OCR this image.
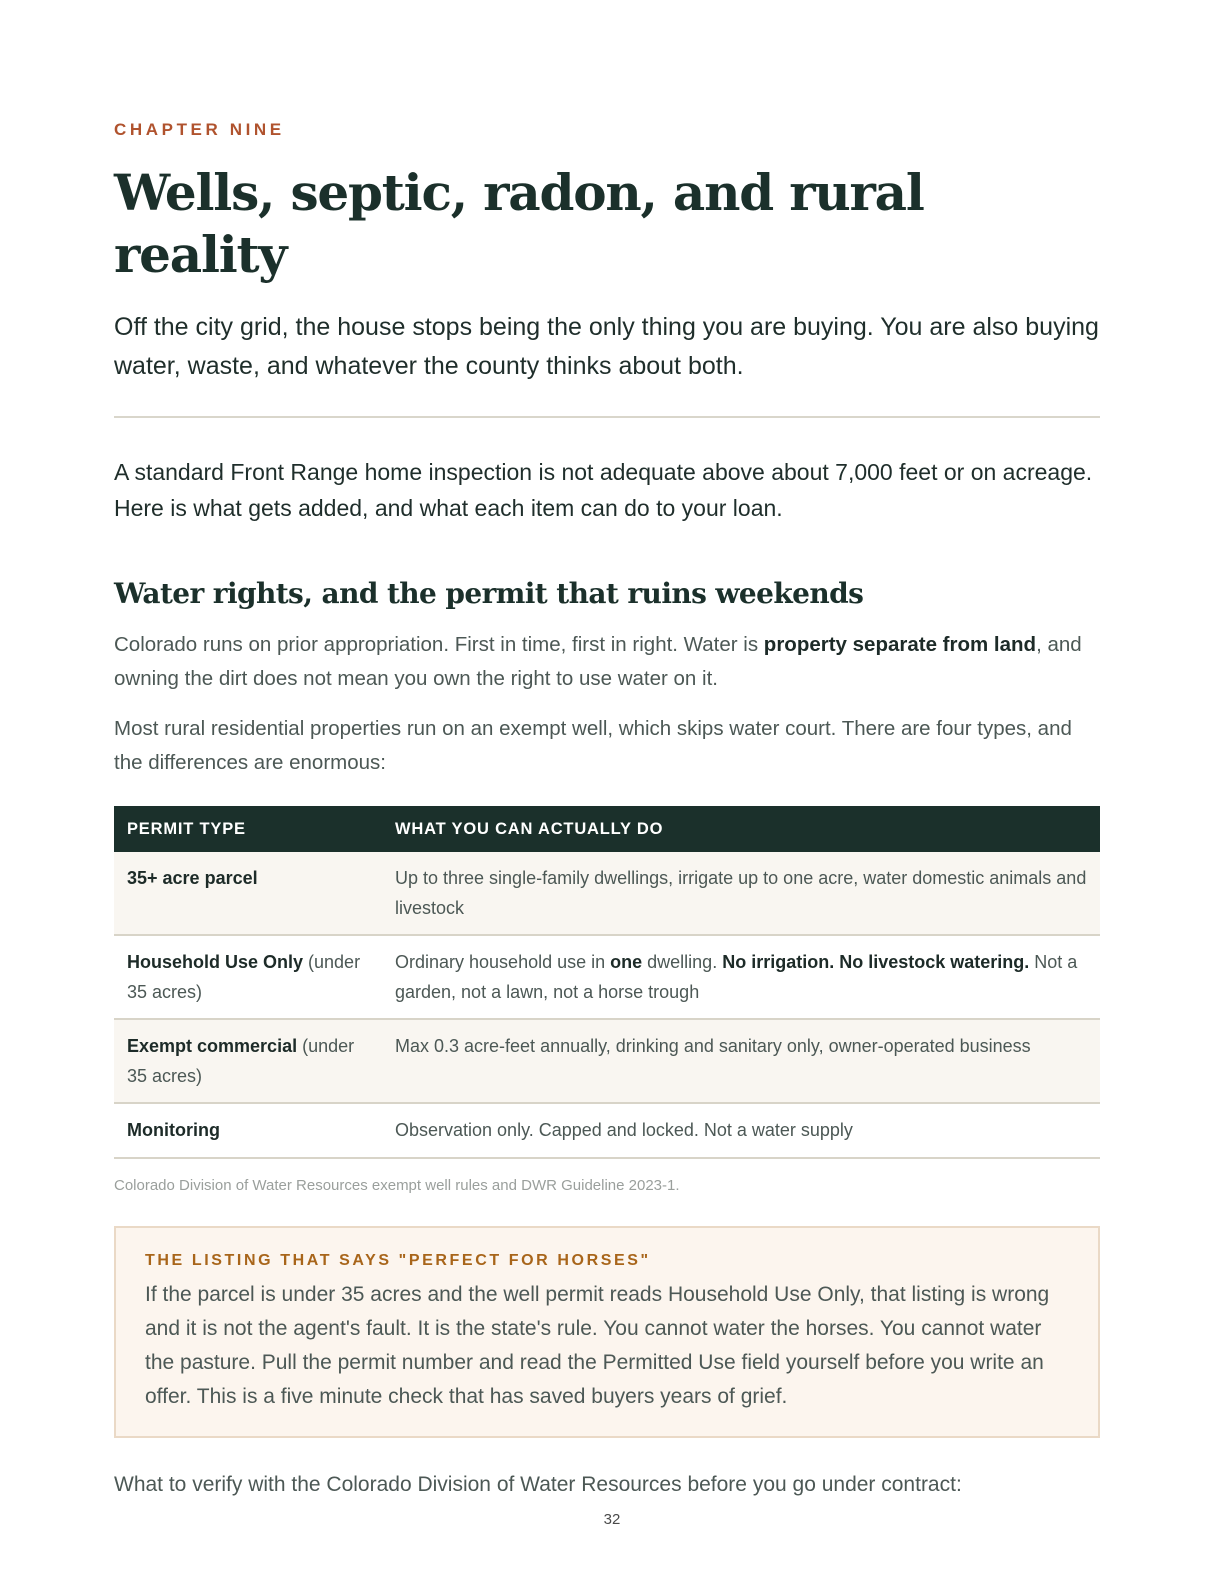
CHAPTER NINE

Wells, septic, radon, and rural reality

Off the city grid, the house stops being the only thing you are buying. You are also buying water, waste, and whatever the county thinks about both.

A standard Front Range home inspection is not adequate above about 7,000 feet or on acreage. Here is what gets added, and what each item can do to your loan.

Water rights, and the permit that ruins weekends

Colorado runs on prior appropriation. First in time, first in right. Water is property separate from land, and owning the dirt does not mean you own the right to use water on it.

Most rural residential properties run on an exempt well, which skips water court. There are four types, and the differences are enormous:

PERMIT TYPE	WHAT YOU CAN ACTUALLY DO
35+ acre parcel	Up to three single-family dwellings, irrigate up to one acre, water domestic animals and livestock
Household Use Only (under 35 acres)	Ordinary household use in one dwelling. No irrigation. No livestock watering. Not a garden, not a lawn, not a horse trough
Exempt commercial (under 35 acres)	Max 0.3 acre-feet annually, drinking and sanitary only, owner-operated business
Monitoring	Observation only. Capped and locked. Not a water supply

Colorado Division of Water Resources exempt well rules and DWR Guideline 2023-1.

THE LISTING THAT SAYS "PERFECT FOR HORSES"

If the parcel is under 35 acres and the well permit reads Household Use Only, that listing is wrong and it is not the agent's fault. It is the state's rule. You cannot water the horses. You cannot water the pasture. Pull the permit number and read the Permitted Use field yourself before you write an offer. This is a five minute check that has saved buyers years of grief.

What to verify with the Colorado Division of Water Resources before you go under contract:

32
